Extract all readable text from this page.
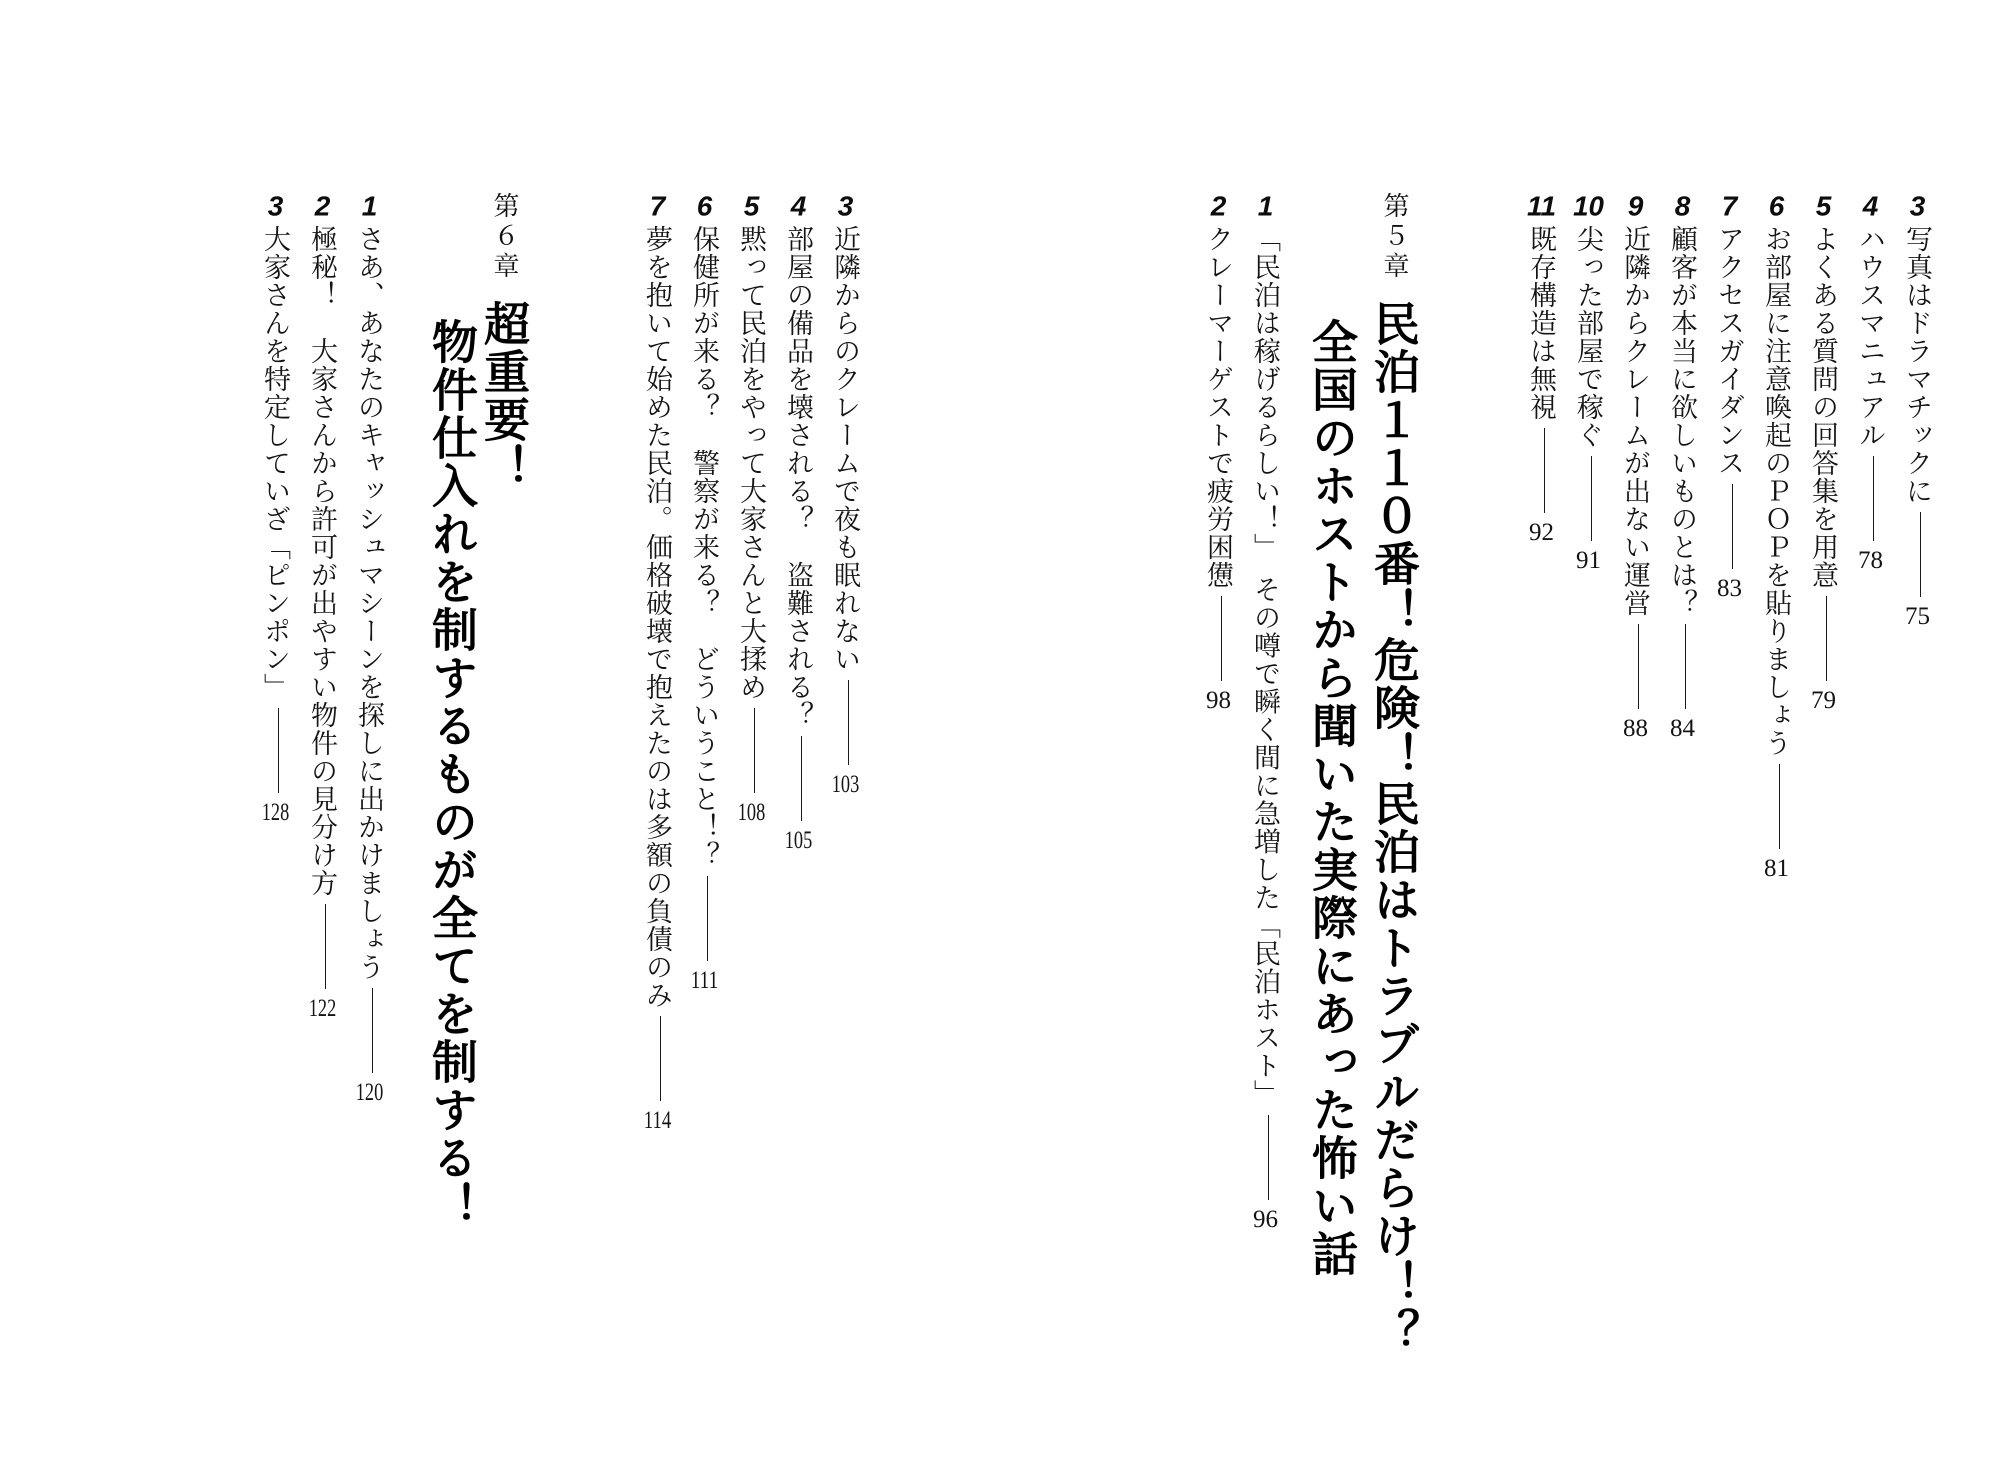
3写真はドラマチックに75
4ハウスマニュアル78
5よくある質問の回答集を用意79
6お部屋に注意喚起のＰＯＰを貼りましょう81
7アクセスガイダンス83
8顧客が本当に欲しいものとは？84
9近隣からクレームが出ない運営88
10尖った部屋で稼ぐ91
11既存構造は無視92
第５章民泊１１０番！危険！民泊はトラブルだらけ！？
全国のホストから聞いた実際にあった怖い話
1「民泊は稼げるらしい！」　その噂で瞬く間に急増した「民泊ホスト」96
2クレーマーゲストで疲労困憊98
3近隣からのクレームで夜も眠れない103
4部屋の備品を壊される？　盗難される？105
5黙って民泊をやって大家さんと大揉め108
6保健所が来る？　警察が来る？　どういうこと！？111
7夢を抱いて始めた民泊。価格破壊で抱えたのは多額の負債のみ114
第６章超重要！
物件仕入れを制するものが全てを制する！
1さあ、あなたのキャッシュマシーンを探しに出かけましょう120
2極秘！　大家さんから許可が出やすい物件の見分け方122
3大家さんを特定していざ「ピンポン」128
